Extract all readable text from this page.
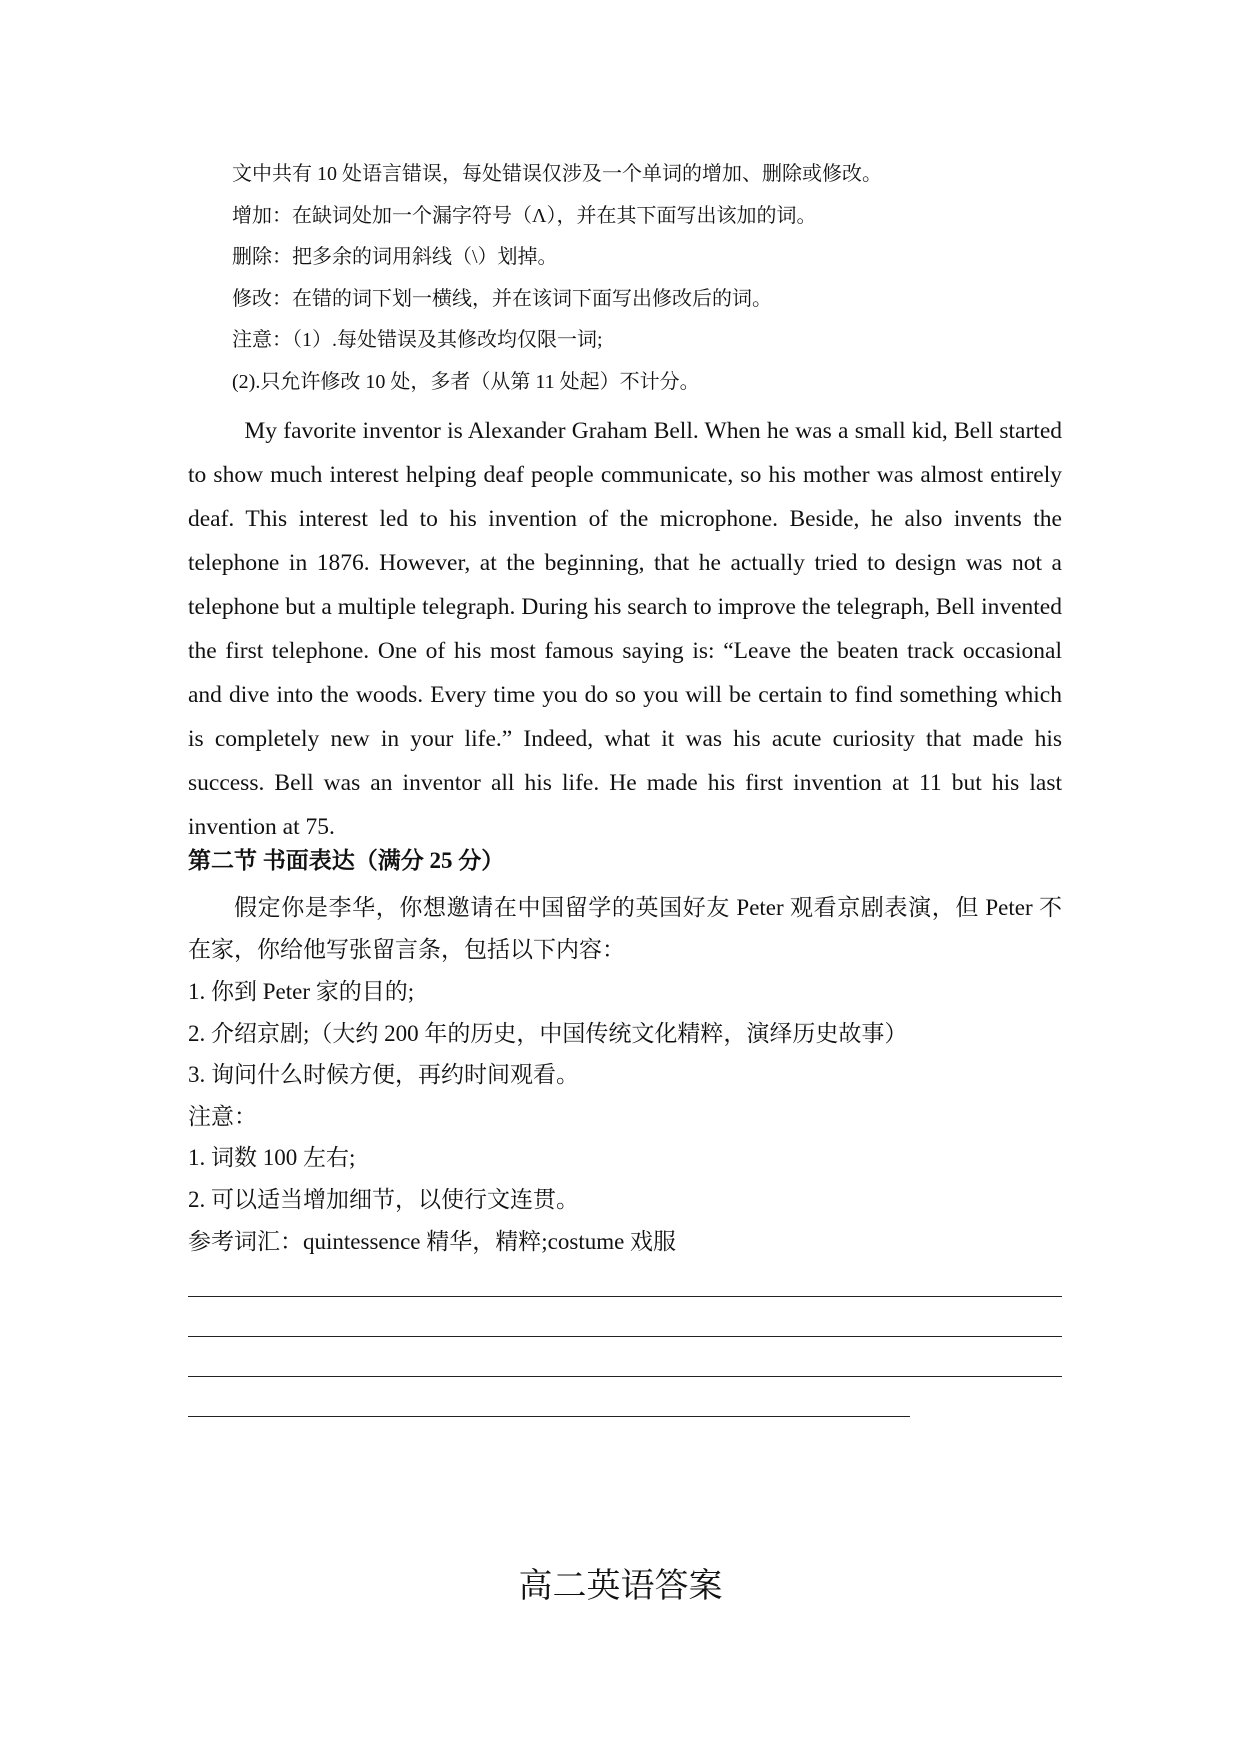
文中共有 10 处语言错误，每处错误仅涉及一个单词的增加、删除或修改。
增加：在缺词处加一个漏字符号（Λ），并在其下面写出该加的词。
删除：把多余的词用斜线（\）划掉。
修改：在错的词下划一横线，并在该词下面写出修改后的词。
注意：（1）.每处错误及其修改均仅限一词;
(2).只允许修改 10 处，多者（从第 11 处起）不计分。

My favorite inventor is Alexander Graham Bell. When he was a small kid, Bell started to show much interest helping deaf people communicate, so his mother was almost entirely deaf. This interest led to his invention of the microphone. Beside, he also invents the telephone in 1876. However, at the beginning, that he actually tried to design was not a telephone but a multiple telegraph. During his search to improve the telegraph, Bell invented the first telephone. One of his most famous saying is: “Leave the beaten track occasional and dive into the woods. Every time you do so you will be certain to find something which is completely new in your life.” Indeed, what it was his acute curiosity that made his success. Bell was an inventor all his life. He made his first invention at 11 but his last invention at 75.

第二节 书面表达（满分 25 分）

假定你是李华，你想邀请在中国留学的英国好友 Peter 观看京剧表演，但 Peter 不在家，你给他写张留言条，包括以下内容：

1. 你到 Peter 家的目的;
2. 介绍京剧;（大约 200 年的历史，中国传统文化精粹，演绎历史故事）
3. 询问什么时候方便，再约时间观看。
注意：
1. 词数 100 左右;
2. 可以适当增加细节，以使行文连贯。
参考词汇：quintessence 精华，精粹;costume 戏服
高二英语答案
